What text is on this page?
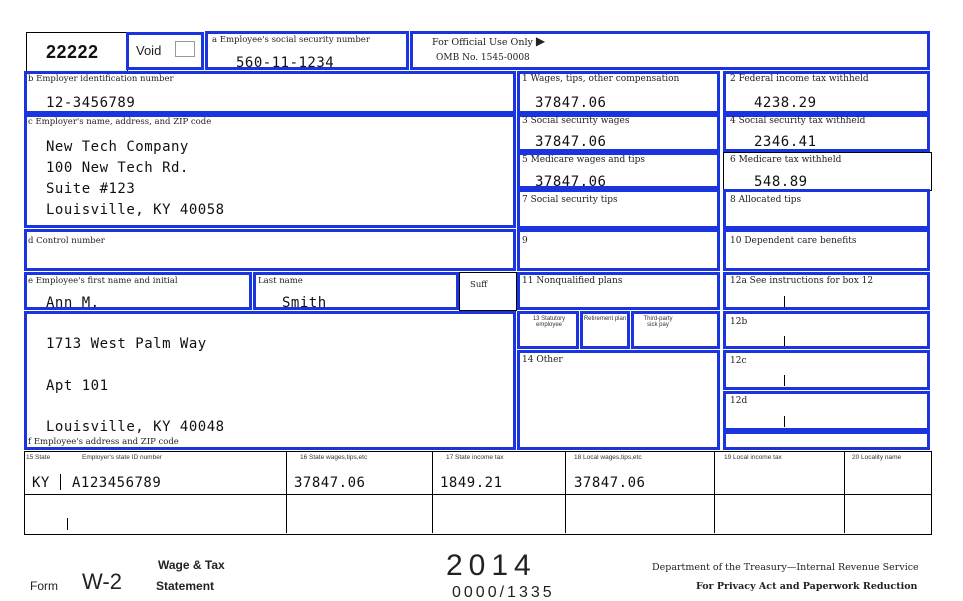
22222	Void
a Employee's social security number
560-11-1234
For Official Use Only ▶
OMB No. 1545-0008
b Employer identification number
12-3456789
1 Wages, tips, other compensation
37847.06
2 Federal income tax withheld
4238.29
c Employer's name, address, and ZIP code
New Tech Company
100 New Tech Rd.
Suite #123
Louisville, KY 40058
3 Social security wages
37847.06
4 Social security tax withheld
2346.41
5 Medicare wages and tips
37847.06
6 Medicare tax withheld
548.89
7 Social security tips	8 Allocated tips
d Control number	9	10 Dependent care benefits
e Employee's first name and initial
Ann M.
Last name
Smith
Suff	11 Nonqualified plans	12a See instructions for box 12
1713 West Palm Way
Apt 101
Louisville, KY 40048
f Employee's address and ZIP code
13 Statutory employee
Retirement plan	Third-party sick pay	12b
14 Other	12c
12d
15 State	Employer's state ID number	16 State wages,tips,etc	17 State income tax	18 Local wages,tips,etc	19 Local income tax	20 Locality name
KY A123456789	37847.06	1849.21	37847.06
Form W-2
Wage & Tax
Statement
2014
0000/1335
Department of the Treasury—Internal Revenue Service
For Privacy Act and Paperwork Reduction
